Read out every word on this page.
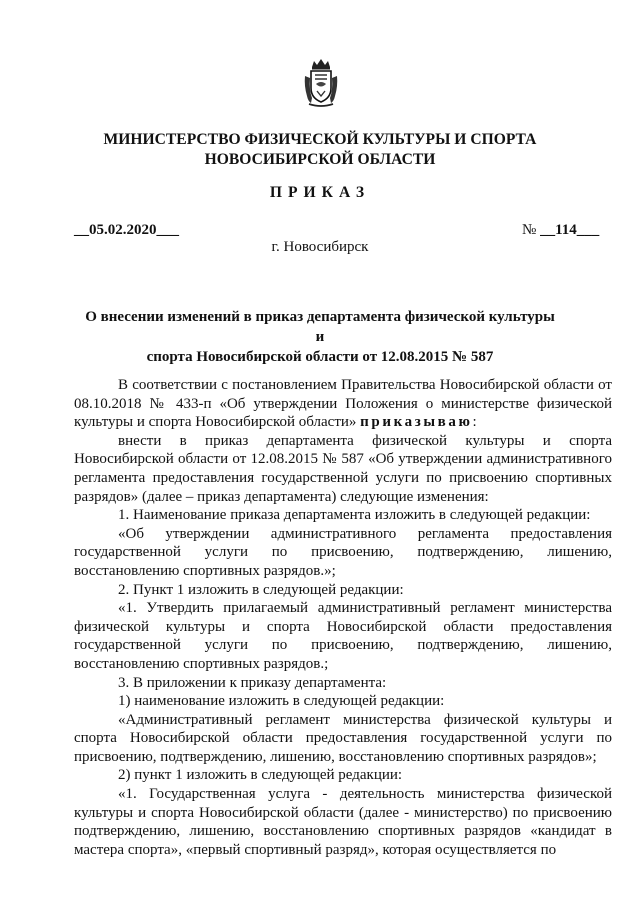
МИНИСТЕРСТВО ФИЗИЧЕСКОЙ КУЛЬТУРЫ И СПОРТА
НОВОСИБИРСКОЙ ОБЛАСТИ
ПРИКАЗ
__05.02.2020___	№ __114___
г. Новосибирск
О внесении изменений в приказ департамента физической культуры и
спорта Новосибирской области от 12.08.2015 № 587

В соответствии с постановлением Правительства Новосибирской области от 08.10.2018 № 433-п «Об утверждении Положения о министерстве физической культуры и спорта Новосибирской области» приказываю:

внести в приказ департамента физической культуры и спорта Новосибирской области от 12.08.2015 № 587 «Об утверждении административного регламента предоставления государственной услуги по присвоению спортивных разрядов» (далее – приказ департамента) следующие изменения:

1. Наименование приказа департамента изложить в следующей редакции:

«Об утверждении административного регламента предоставления государственной услуги по присвоению, подтверждению, лишению, восстановлению спортивных разрядов.»;

2. Пункт 1 изложить в следующей редакции:

«1. Утвердить прилагаемый административный регламент министерства физической культуры и спорта Новосибирской области предоставления государственной услуги по присвоению, подтверждению, лишению, восстановлению спортивных разрядов.;

3. В приложении к приказу департамента:

1) наименование изложить в следующей редакции:

«Административный регламент министерства физической культуры и спорта Новосибирской области предоставления государственной услуги по присвоению, подтверждению, лишению, восстановлению спортивных разрядов»;

2) пункт 1 изложить в следующей редакции:

«1. Государственная услуга - деятельность министерства физической культуры и спорта Новосибирской области (далее - министерство) по присвоению подтверждению, лишению, восстановлению спортивных разрядов «кандидат в мастера спорта», «первый спортивный разряд», которая осуществляется по
